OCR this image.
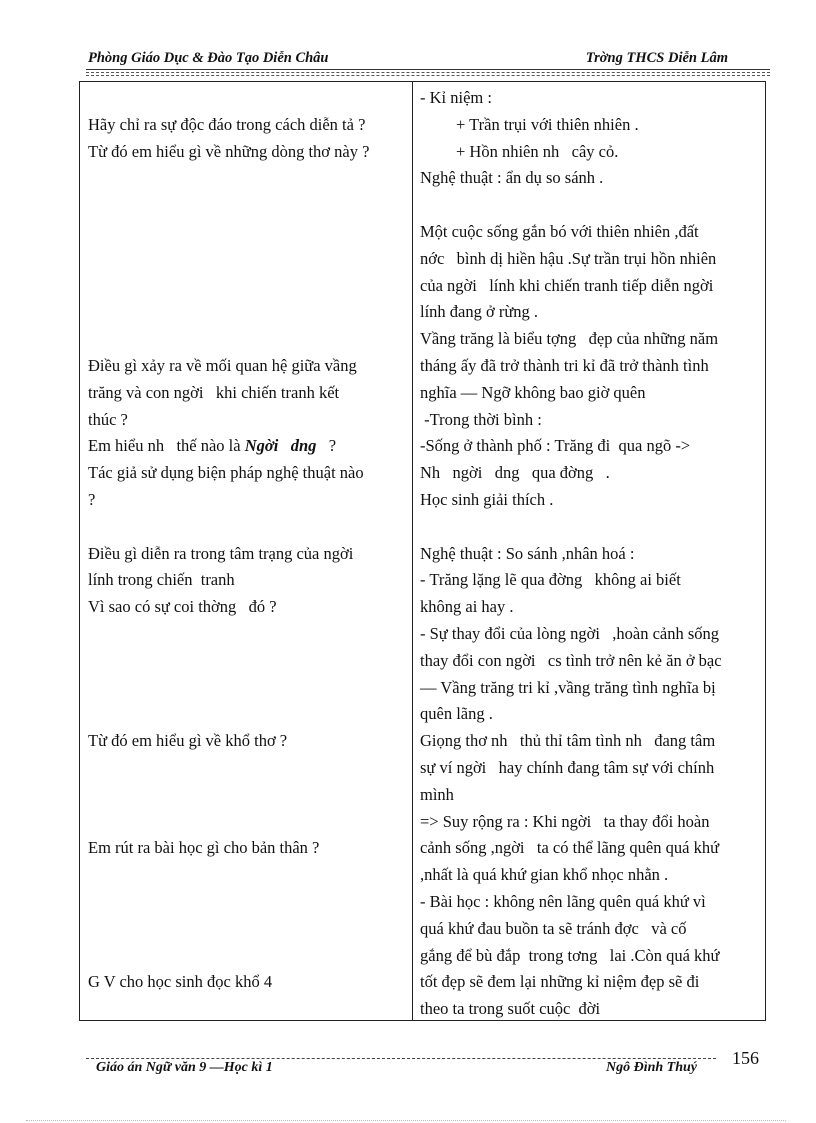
Phòng Giáo Dục & Đào Tạo Diễn Châu	Trờng THCS Diễn Lâm
Hãy chỉ ra sự độc đáo trong cách diễn tả ?
Từ đó em hiểu gì về những dòng thơ này ?
Điều gì xảy ra về mối quan hệ giữa vầng
trăng và con ngời   khi chiến tranh kết
thúc ?
Em hiểu nh   thế nào là Ngời   dng   ?
Tác giả sử dụng biện pháp nghệ thuật nào
?
Điều gì diễn ra trong tâm trạng của ngời
lính trong chiến  tranh
Vì sao có sự coi thờng   đó ?
Từ đó em hiểu gì về khổ thơ ?
Em rút ra bài học gì cho bản thân ?
G V cho học sinh đọc khổ 4
- Kỉ niệm :
+ Trần trụi với thiên nhiên .
+ Hồn nhiên nh   cây cỏ.
Nghệ thuật : ẩn dụ so sánh .
Một cuộc sống gắn bó với thiên nhiên ,đất
nớc   bình dị hiền hậu .Sự trần trụi hồn nhiên
của ngời   lính khi chiến tranh tiếp diễn ngời
lính đang ở rừng .
Vầng trăng là biểu tợng   đẹp của những năm
tháng ấy đã trở thành tri kỉ đã trở thành tình
nghĩa — Ngỡ không bao giờ quên
-Trong thời bình :
-Sống ở thành phố : Trăng đi  qua ngõ ->
Nh   ngời   dng   qua đờng   .
Học sinh giải thích .
Nghệ thuật : So sánh ,nhân hoá :
- Trăng lặng lẽ qua đờng   không ai biết
không ai hay .
- Sự thay đổi của lòng ngời   ,hoàn cảnh sống
thay đổi con ngời   cs tình trở nên kẻ ăn ở bạc
— Vầng trăng tri kỉ ,vầng trăng tình nghĩa bị
quên lãng .
Giọng thơ nh   thủ thỉ tâm tình nh   đang tâm
sự ví ngời   hay chính đang tâm sự với chính
mình
=> Suy rộng ra : Khi ngời   ta thay đổi hoàn
cảnh sống ,ngời   ta có thể lãng quên quá khứ
,nhất là quá khứ gian khổ nhọc nhằn .
- Bài học : không nên lãng quên quá khứ vì
quá khứ đau buồn ta sẽ tránh đợc   và cố
gắng để bù đắp  trong tơng   lai .Còn quá khứ
tốt đẹp sẽ đem lại những kỉ niệm đẹp sẽ đi
theo ta trong suốt cuộc  đời
Giáo án Ngữ văn 9 —Học kì 1	Ngô Đình Thuý 156
